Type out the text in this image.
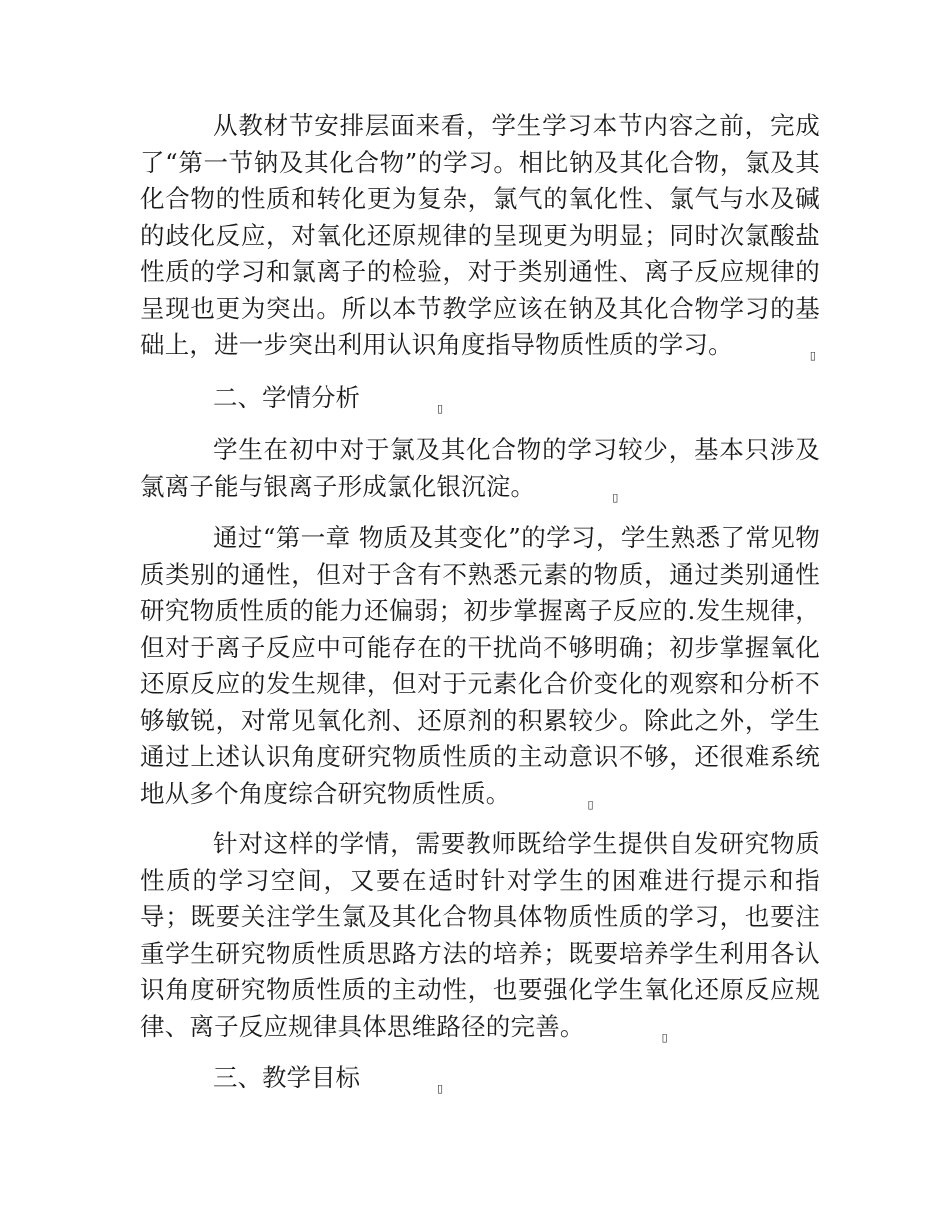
从教材节安排层面来看，学生学习本节内容之前，完成了“第一节钠及其化合物”的学习。相比钠及其化合物，氯及其化合物的性质和转化更为复杂，氯气的氧化性、氯气与水及碱的歧化反应，对氧化还原规律的呈现更为明显；同时次氯酸盐性质的学习和氯离子的检验，对于类别通性、离子反应规律的呈现也更为突出。所以本节教学应该在钠及其化合物学习的基础上，进一步突出利用认识角度指导物质性质的学习。	▯

二、学情分析	▯

学生在初中对于氯及其化合物的学习较少，基本只涉及氯离子能与银离子形成氯化银沉淀。	▯

通过“第一章 物质及其变化”的学习，学生熟悉了常见物质类别的通性，但对于含有不熟悉元素的物质，通过类别通性研究物质性质的能力还偏弱；初步掌握离子反应的.发生规律，但对于离子反应中可能存在的干扰尚不够明确；初步掌握氧化还原反应的发生规律，但对于元素化合价变化的观察和分析不够敏锐，对常见氧化剂、还原剂的积累较少。除此之外，学生通过上述认识角度研究物质性质的主动意识不够，还很难系统地从多个角度综合研究物质性质。	▯

针对这样的学情，需要教师既给学生提供自发研究物质性质的学习空间，又要在适时针对学生的困难进行提示和指导；既要关注学生氯及其化合物具体物质性质的学习，也要注重学生研究物质性质思路方法的培养；既要培养学生利用各认识角度研究物质性质的主动性，也要强化学生氧化还原反应规律、离子反应规律具体思维路径的完善。	▯

三、教学目标	▯
